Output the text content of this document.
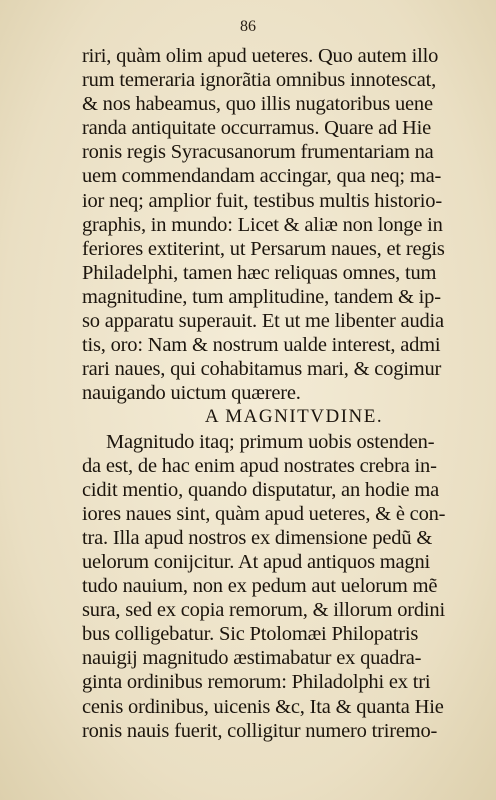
86
riri, quàm olim apud ueteres. Quo autem illo
rum temeraria ignorãtia omnibus innotescat,
& nos habeamus, quo illis nugatoribus uene
randa antiquitate occurramus. Quare ad Hie
ronis regis Syracusanorum frumentariam na
uem commendandam accingar, qua neq; ma-
ior neq; amplior fuit, testibus multis historio-
graphis, in mundo: Licet & aliæ non longe in
feriores extiterint, ut Persarum naues, et regis
Philadelphi, tamen hæc reliquas omnes, tum
magnitudine, tum amplitudine, tandem & ip-
so apparatu superauit. Et ut me libenter audia
tis, oro: Nam & nostrum ualde interest, admi
rari naues, qui cohabitamus mari, & cogimur
nauigando uictum quærere.
A MAGNITVDINE.
Magnitudo itaq; primum uobis ostenden-
da est, de hac enim apud nostrates crebra in-
cidit mentio, quando disputatur, an hodie ma
iores naues sint, quàm apud ueteres, & è con-
tra. Illa apud nostros ex dimensione pedũ &
uelorum conijcitur. At apud antiquos magni
tudo nauium, non ex pedum aut uelorum mẽ
sura, sed ex copia remorum, & illorum ordini
bus colligebatur. Sic Ptolomæi Philopatris
nauigij magnitudo æstimabatur ex quadra-
ginta ordinibus remorum: Philadolphi ex tri
cenis ordinibus, uicenis &c, Ita & quanta Hie
ronis nauis fuerit, colligitur numero triremo-
